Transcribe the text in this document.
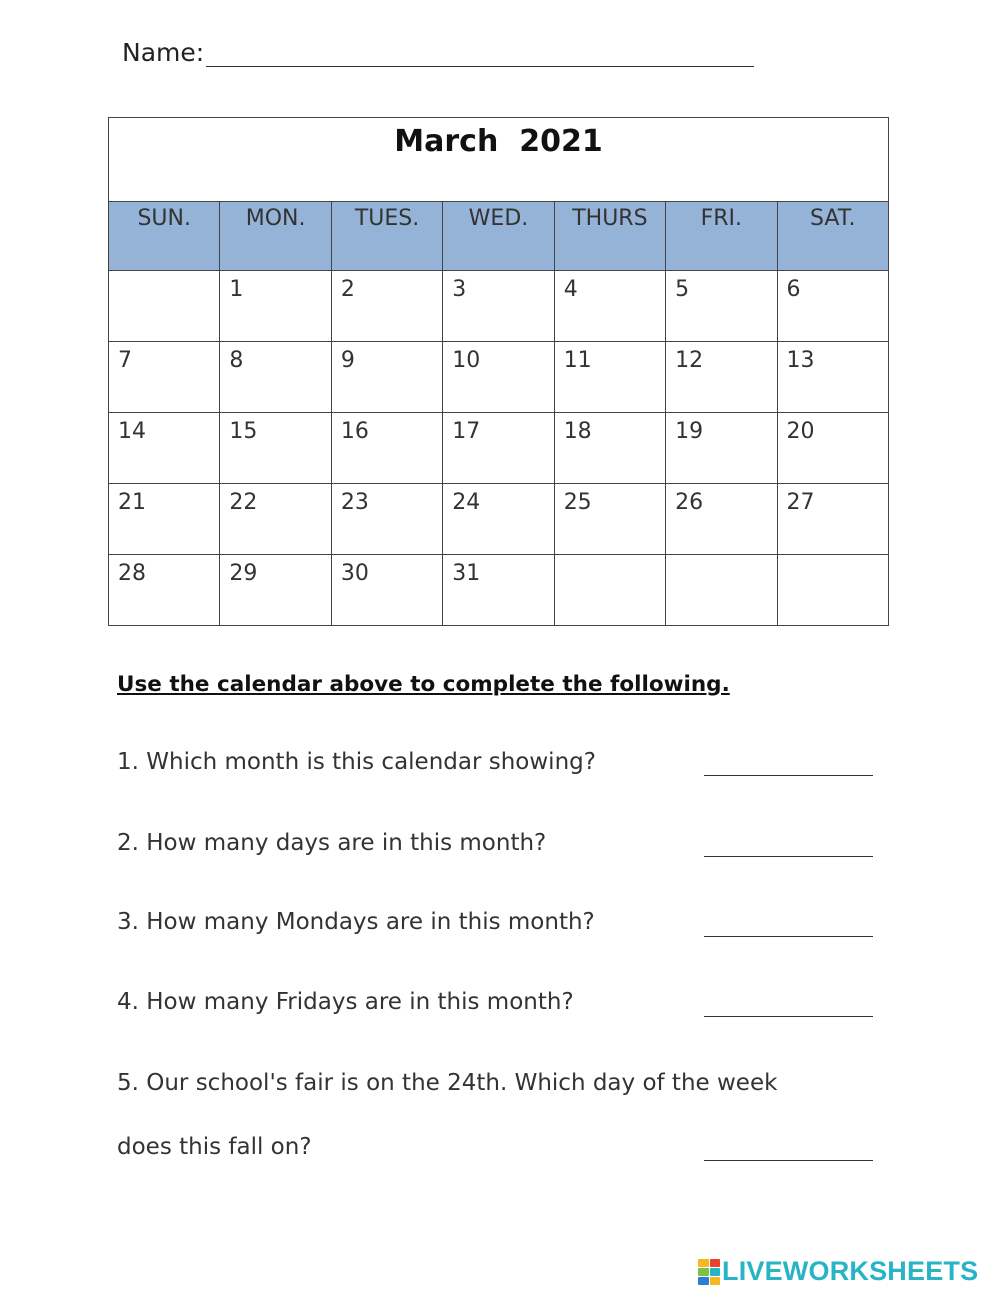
Name:
March  2021						
SUN.	MON.	TUES.	WED.	THURS	FRI.	SAT.
	1	2	3	4	5	6
7	8	9	10	11	12	13
14	15	16	17	18	19	20
21	22	23	24	25	26	27
28	29	30	31			
Use the calendar above to complete the following.
1. Which month is this calendar showing?
2. How many days are in this month?
3. How many Mondays are in this month?
4. How many Fridays are in this month?
5. Our school's fair is on the 24th. Which day of the week
does this fall on?
LIVEWORKSHEETS
